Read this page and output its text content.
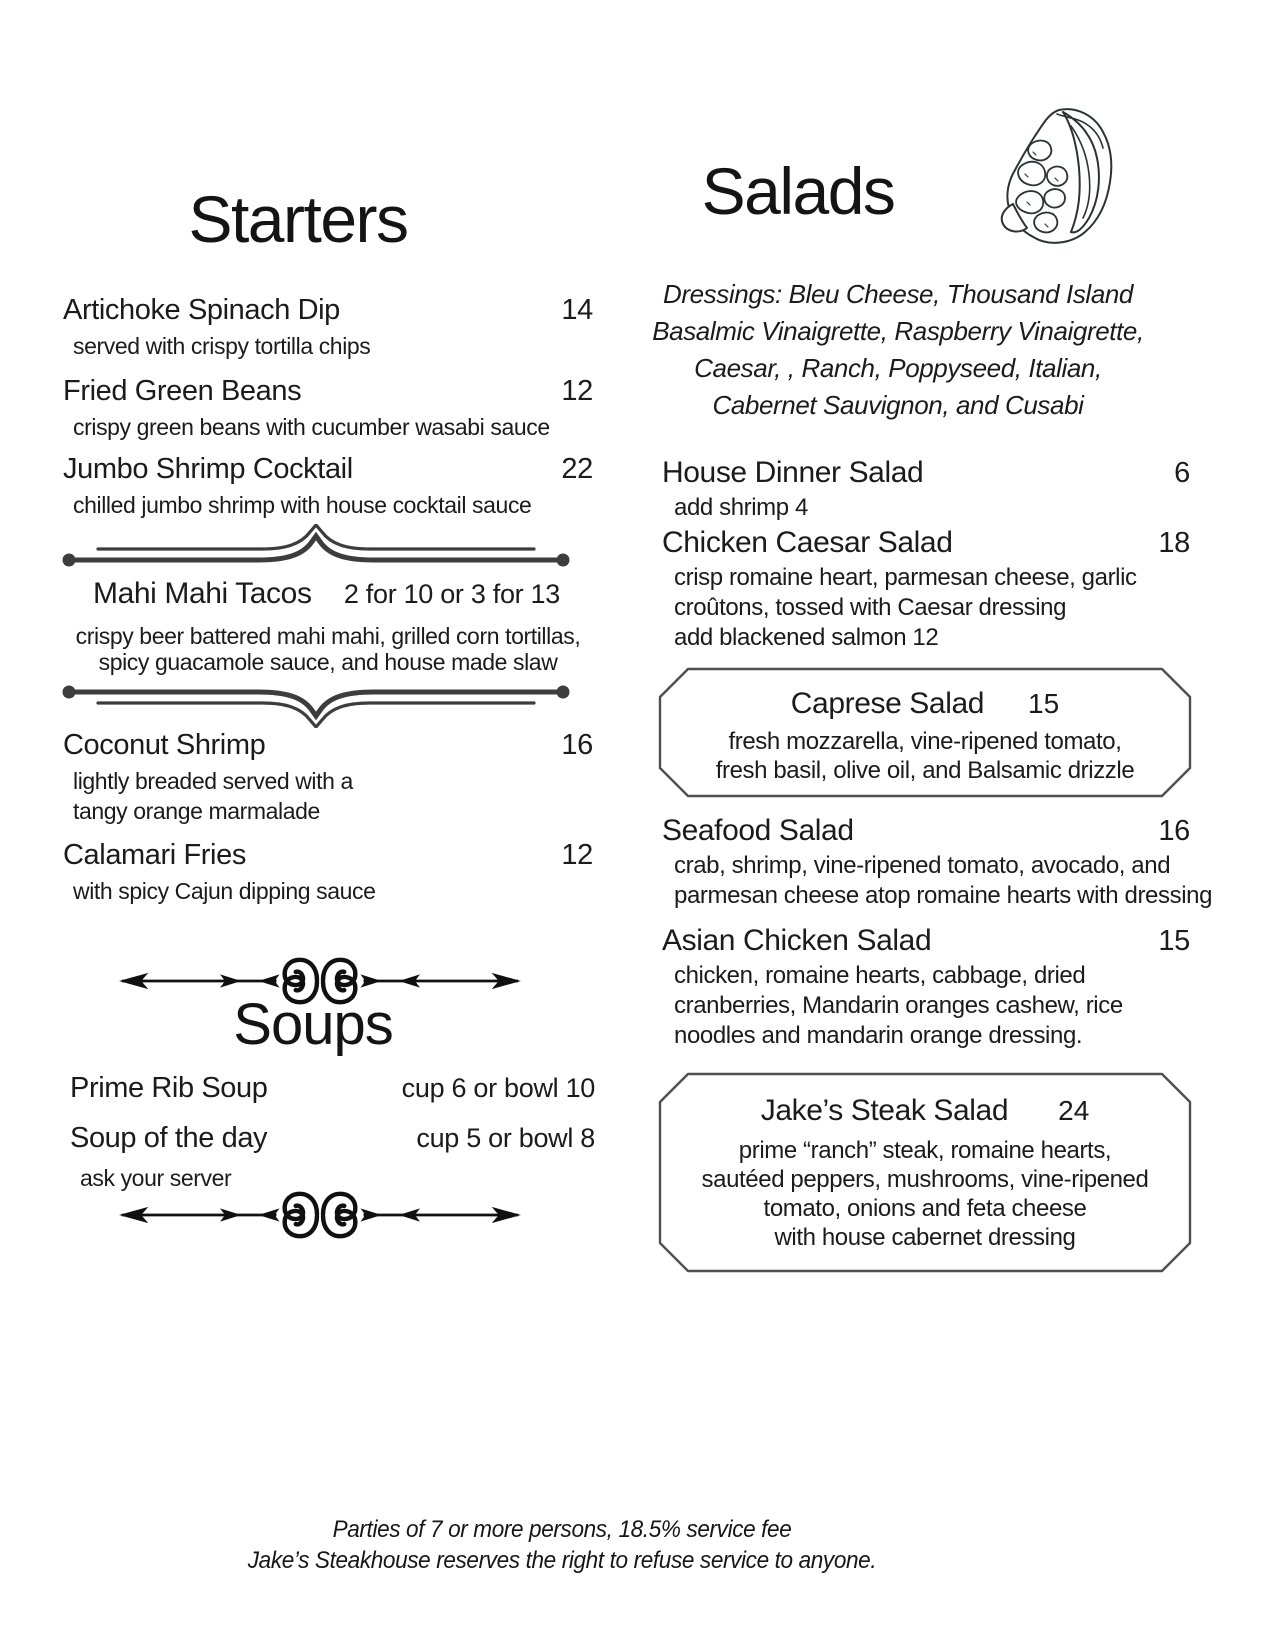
Starters
Artichoke Spinach Dip	14
served with crispy tortilla chips
Fried Green Beans	12
crispy green beans with cucumber wasabi sauce
Jumbo Shrimp Cocktail	22
chilled jumbo shrimp with house cocktail sauce
Mahi Mahi Tacos 2 for 10 or 3 for 13
crispy beer battered mahi mahi, grilled corn tortillas,
spicy guacamole sauce, and house made slaw
Coconut Shrimp	16
lightly breaded served with a
tangy orange marmalade
Calamari Fries	12
with spicy Cajun dipping sauce
Soups
Prime Rib Soup	cup 6 or bowl 10
Soup of the day	cup 5 or bowl 8
ask your server
Salads
Dressings: Bleu Cheese, Thousand Island
Basalmic Vinaigrette, Raspberry Vinaigrette,
Caesar, , Ranch, Poppyseed, Italian,
Cabernet Sauvignon, and Cusabi
House Dinner Salad	6
add shrimp 4
Chicken Caesar Salad	18
crisp romaine heart, parmesan cheese, garlic
croûtons, tossed with Caesar dressing
add blackened salmon 12
Caprese Salad 15
fresh mozzarella, vine-ripened tomato,
fresh basil, olive oil, and Balsamic drizzle
Seafood Salad	16
crab, shrimp, vine-ripened tomato, avocado, and
parmesan cheese atop romaine hearts with dressing
Asian Chicken Salad	15
chicken, romaine hearts, cabbage, dried
cranberries, Mandarin oranges cashew, rice
noodles and mandarin orange dressing.
Jake’s Steak Salad 24
prime “ranch” steak, romaine hearts,
sautéed peppers, mushrooms, vine-ripened
tomato, onions and feta cheese
with house cabernet dressing
Parties of 7 or more persons, 18.5% service fee
Jake’s Steakhouse reserves the right to refuse service to anyone.
